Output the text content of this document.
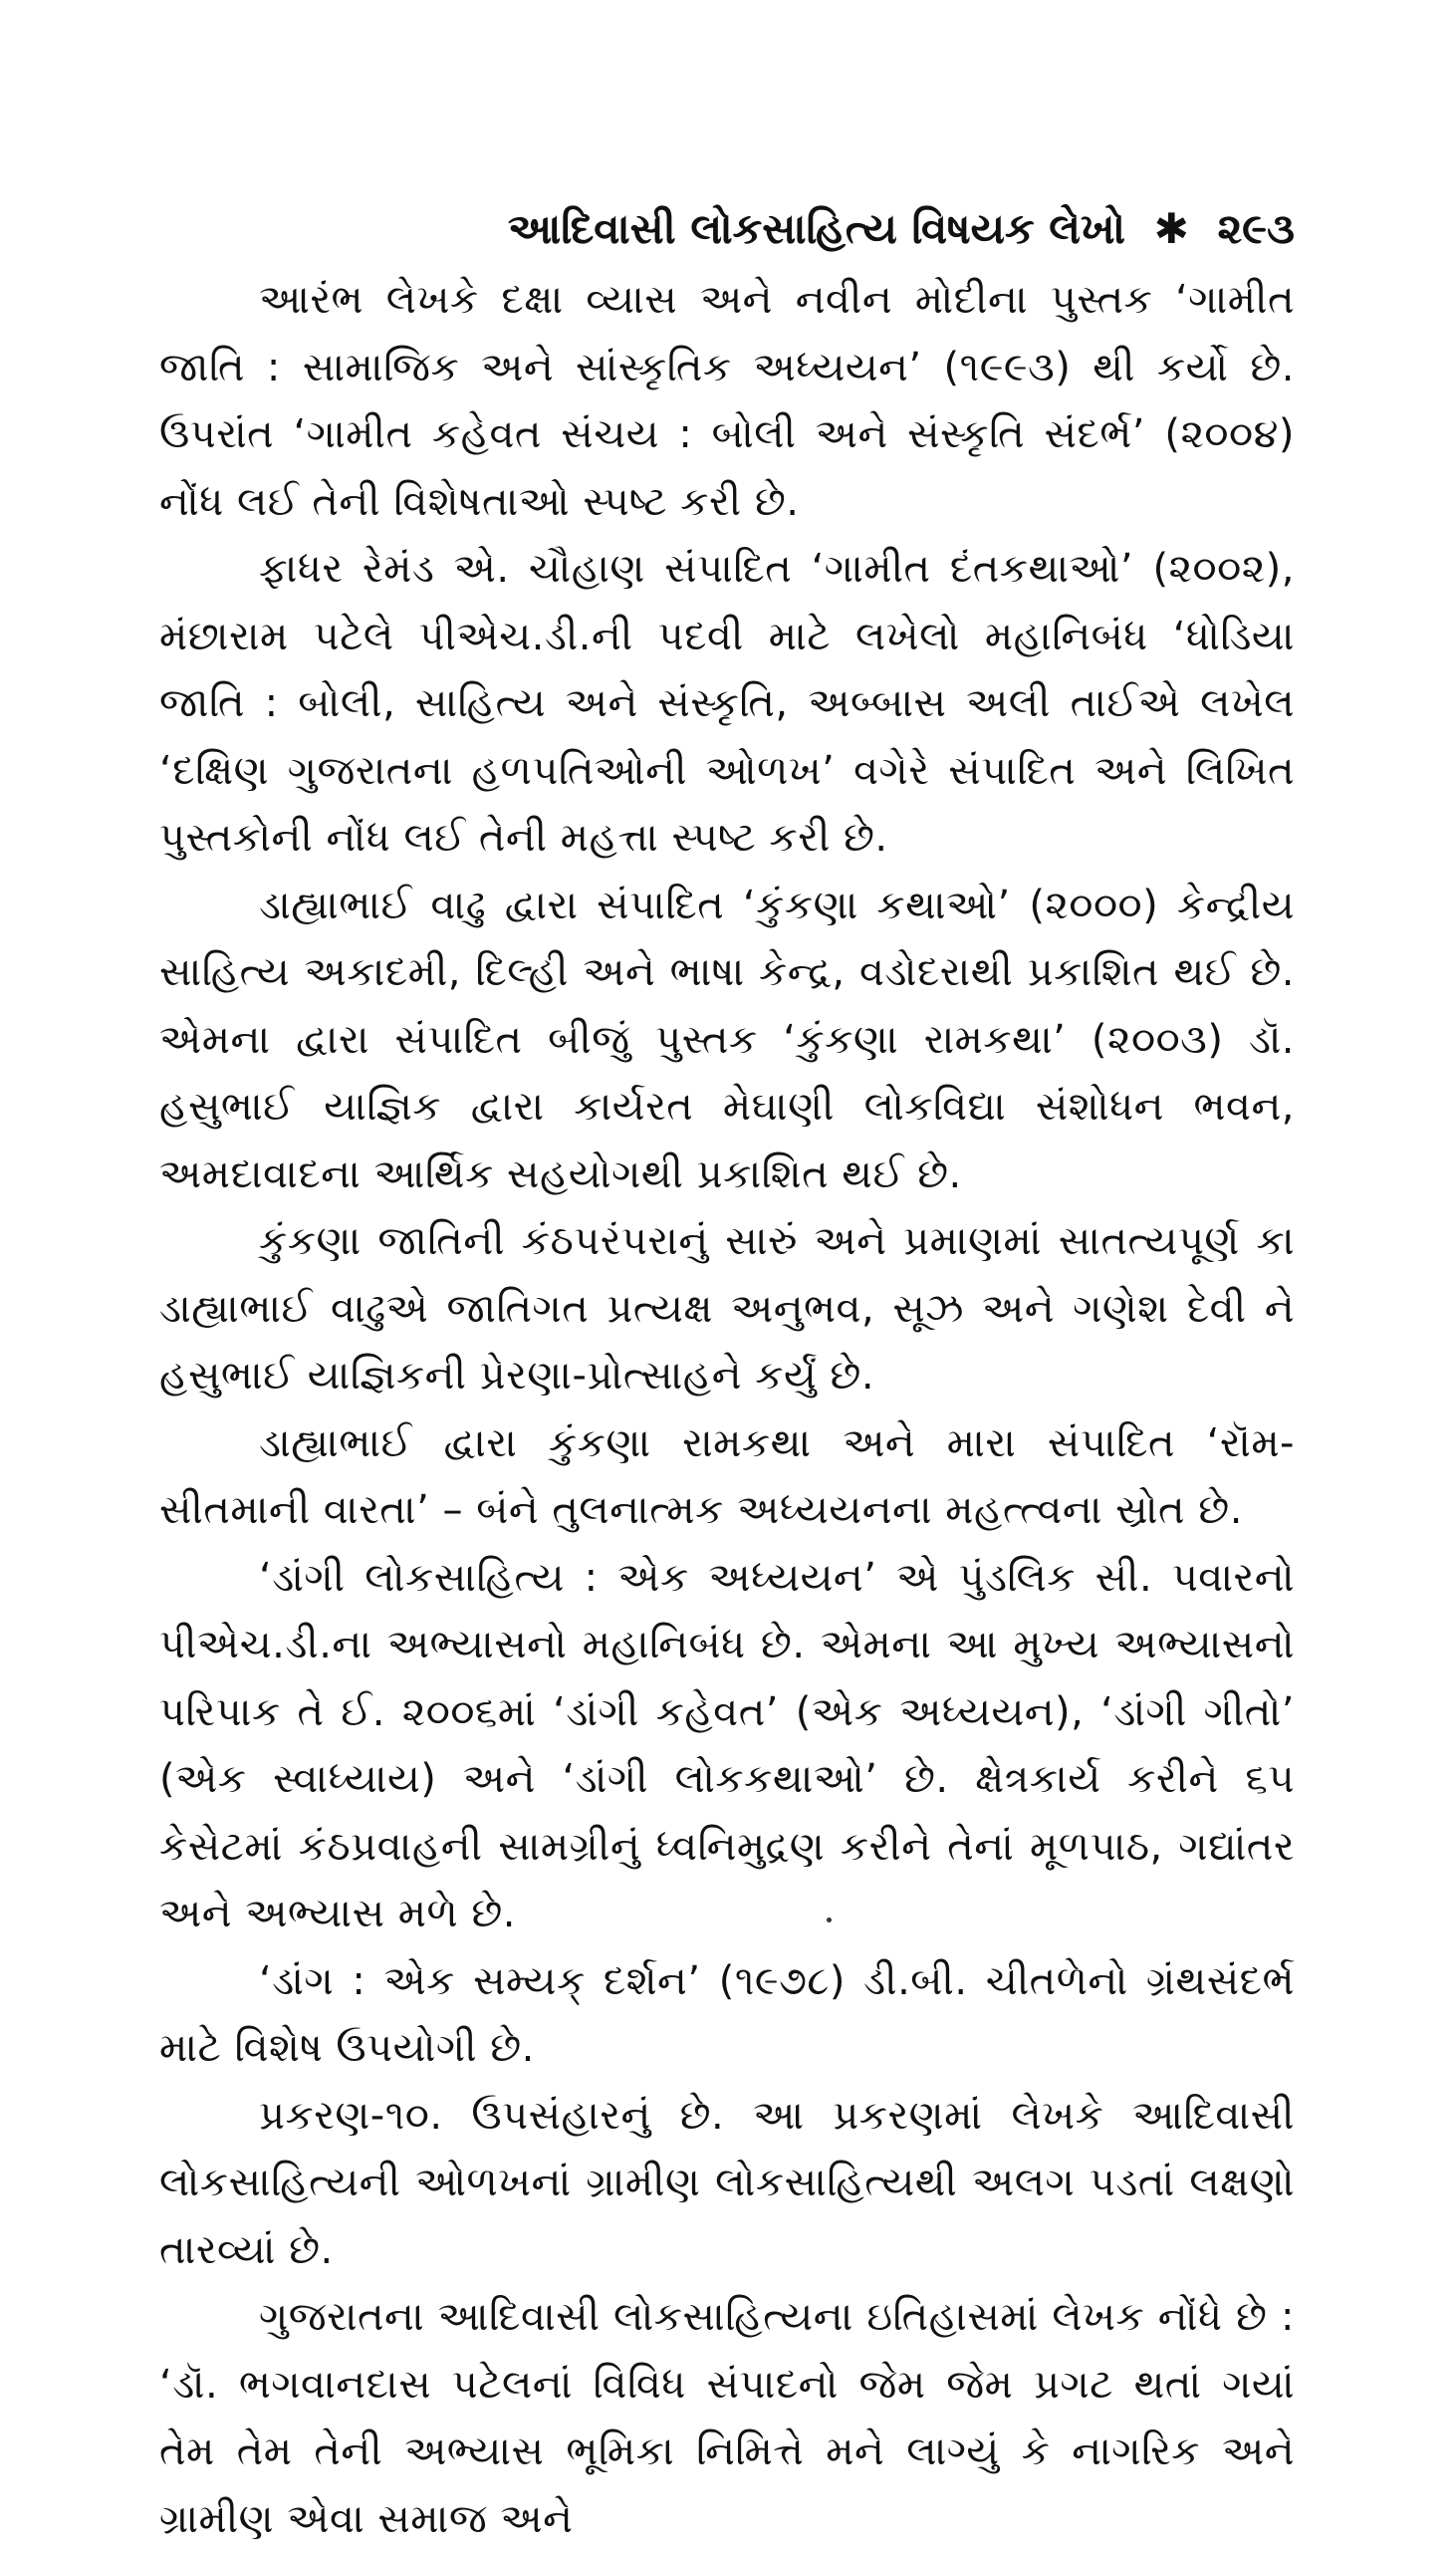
આદિવાસી લોકસાહિત્ય વિષયક લેખો ✱ ૨૯૩

આરંભ લેખકે દક્ષા વ્યાસ અને નવીન મોદીના પુસ્તક ‘ગામીત જાતિ : સામાજિક અને સાંસ્કૃતિક અધ્યયન’ (૧૯૯૩) થી કર્યો છે. ઉપરાંત ‘ગામીત કહેવત સંચય : બોલી અને સંસ્કૃતિ સંદર્ભ’ (૨૦૦૪) નોંધ લઈ તેની વિશેષતાઓ સ્પષ્ટ કરી છે.

ફાધર રેમંડ એ. ચૌહાણ સંપાદિત ‘ગામીત દંતકથાઓ’ (૨૦૦૨), મંછારામ પટેલે પીએચ.ડી.ની પદવી માટે લખેલો મહાનિબંધ ‘ધોડિયા જાતિ : બોલી, સાહિત્ય અને સંસ્કૃતિ, અબ્બાસ અલી તાઈએ લખેલ ‘દક્ષિણ ગુજરાતના હળપતિઓની ઓળખ’ વગેરે સંપાદિત અને લિખિત પુસ્તકોની નોંધ લઈ તેની મહત્તા સ્પષ્ટ કરી છે.

ડાહ્યાભાઈ વાઢુ દ્વારા સંપાદિત ‘કુંકણા કથાઓ’ (૨૦૦૦) કેન્દ્રીય સાહિત્ય અકાદમી, દિલ્હી અને ભાષા કેન્દ્ર, વડોદરાથી પ્રકાશિત થઈ છે. એમના દ્વારા સંપાદિત બીજું પુસ્તક ‘કુંકણા રામકથા’ (૨૦૦૩) ડૉ. હસુભાઈ યાજ્ઞિક દ્વારા કાર્યરત મેઘાણી લોકવિદ્યા સંશોધન ભવન, અમદાવાદના આર્થિક સહયોગથી પ્રકાશિત થઈ છે.

કુંકણા જાતિની કંઠપરંપરાનું સારું અને પ્રમાણમાં સાતત્યપૂર્ણ કા ડાહ્યાભાઈ વાઢુએ જાતિગત પ્રત્યક્ષ અનુભવ, સૂઝ અને ગણેશ દેવી ને હસુભાઈ યાજ્ઞિકની પ્રેરણા-પ્રોત્સાહને કર્યું છે.

ડાહ્યાભાઈ દ્વારા કુંકણા રામકથા અને મારા સંપાદિત ‘રૉમ-સીતમાની વારતા’ – બંને તુલનાત્મક અધ્યયનના મહત્ત્વના સ્રોત છે.

‘ડાંગી લોકસાહિત્ય : એક અધ્યયન’ એ પુંડલિક સી. પવારનો પીએચ.ડી.ના અભ્યાસનો મહાનિબંધ છે. એમના આ મુખ્ય અભ્યાસનો પરિપાક તે ઈ. ૨૦૦૬માં ‘ડાંગી કહેવત’ (એક અધ્યયન), ‘ડાંગી ગીતો’ (એક સ્વાધ્યાય) અને ‘ડાંગી લોકકથાઓ’ છે. ક્ષેત્રકાર્ય કરીને ૬૫ કેસેટમાં કંઠપ્રવાહની સામગ્રીનું ધ્વનિમુદ્રણ કરીને તેનાં મૂળપાઠ, ગદ્યાંતર અને અભ્યાસ મળે છે.

‘ડાંગ : એક સમ્યક્ દર્શન’ (૧૯૭૮) ડી.બી. ચીતળેનો ગ્રંથસંદર્ભ માટે વિશેષ ઉપયોગી છે.

પ્રકરણ-૧૦. ઉપસંહારનું છે. આ પ્રકરણમાં લેખકે આદિવાસી લોકસાહિત્યની ઓળખનાં ગ્રામીણ લોકસાહિત્યથી અલગ પડતાં લક્ષણો તારવ્યાં છે.

ગુજરાતના આદિવાસી લોકસાહિત્યના ઇતિહાસમાં લેખક નોંધે છે : ‘ડૉ. ભગવાનદાસ પટેલનાં વિવિધ સંપાદનો જેમ જેમ પ્રગટ થતાં ગયાં તેમ તેમ તેની અભ્યાસ ભૂમિકા નિમિત્તે મને લાગ્યું કે નાગરિક અને ગ્રામીણ એવા સમાજ અને
